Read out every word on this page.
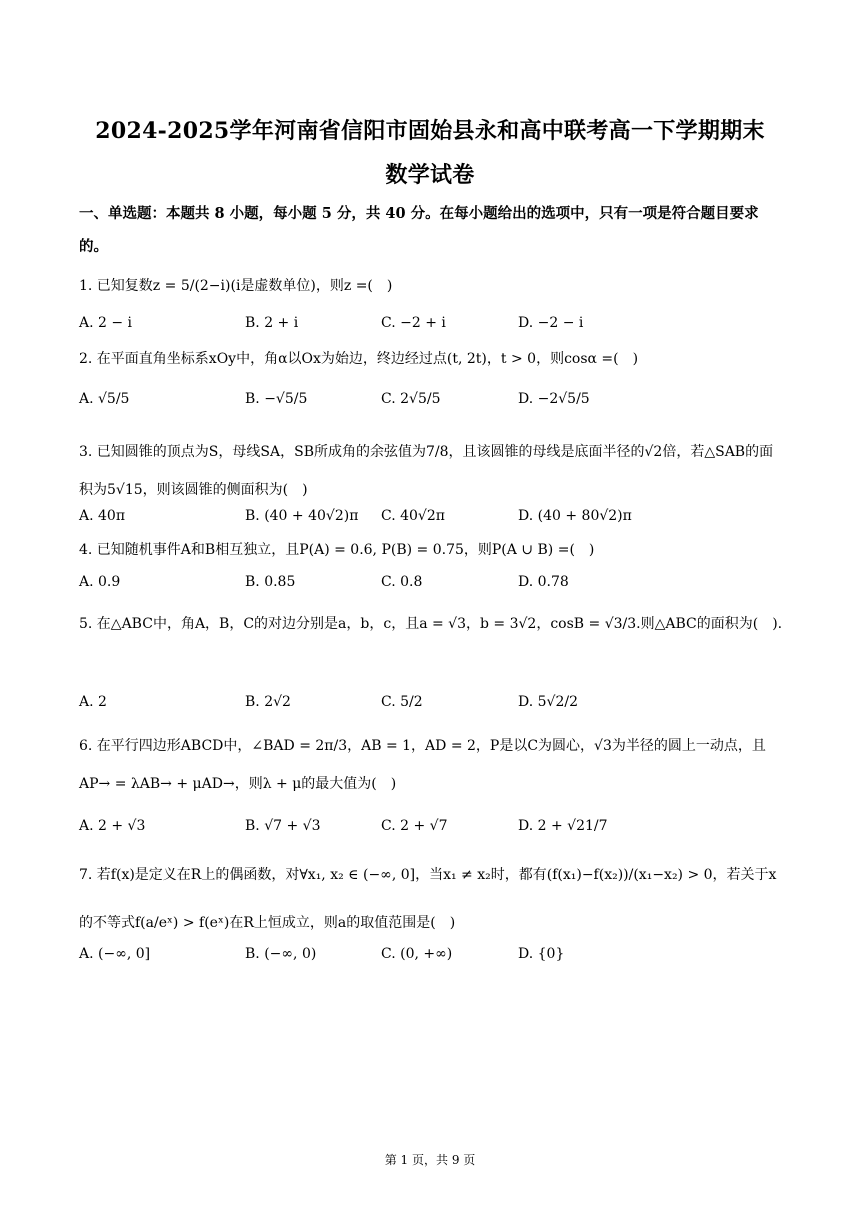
2024-2025学年河南省信阳市固始县永和高中联考高一下学期期末
数学试卷
一、单选题：本题共 8 小题，每小题 5 分，共 40 分。在每小题给出的选项中，只有一项是符合题目要求的。
1. 已知复数z = 5/(2−i)(i是虚数单位)，则z =(　)
A. 2 − i	B. 2 + i	C. −2 + i	D. −2 − i
2. 在平面直角坐标系xOy中，角α以Ox为始边，终边经过点(t, 2t)，t > 0，则cosα =(　)
A. √5/5	B. −√5/5	C. 2√5/5	D. −2√5/5
3. 已知圆锥的顶点为S，母线SA，SB所成角的余弦值为7/8，且该圆锥的母线是底面半径的√2倍，若△SAB的面积为5√15，则该圆锥的侧面积为(　)
A. 40π	B. (40 + 40√2)π C. 40√2π	D. (40 + 80√2)π
4. 已知随机事件A和B相互独立，且P(A) = 0.6, P(B) = 0.75，则P(A ∪ B) =(　)
A. 0.9	B. 0.85	C. 0.8	D. 0.78
5. 在△ABC中，角A，B，C的对边分别是a，b，c，且a = √3，b = 3√2，cosB = √3/3.则△ABC的面积为(　).
A. 2	B. 2√2	C. 5/2	D. 5√2/2
6. 在平行四边形ABCD中，∠BAD = 2π/3，AB = 1，AD = 2，P是以C为圆心，√3为半径的圆上一动点，且AP→ = λAB→ + μAD→，则λ + μ的最大值为(　)
A. 2 + √3	B. √7 + √3	C. 2 + √7	D. 2 + √21/7
7. 若f(x)是定义在R上的偶函数，对∀x₁, x₂ ∈ (−∞, 0]，当x₁ ≠ x₂时，都有(f(x₁)−f(x₂))/(x₁−x₂) > 0，若关于x的不等式f(a/eˣ) > f(eˣ)在R上恒成立，则a的取值范围是(　)
A. (−∞, 0]	B. (−∞, 0)	C. (0, +∞)	D. {0}
第 1 页，共 9 页
